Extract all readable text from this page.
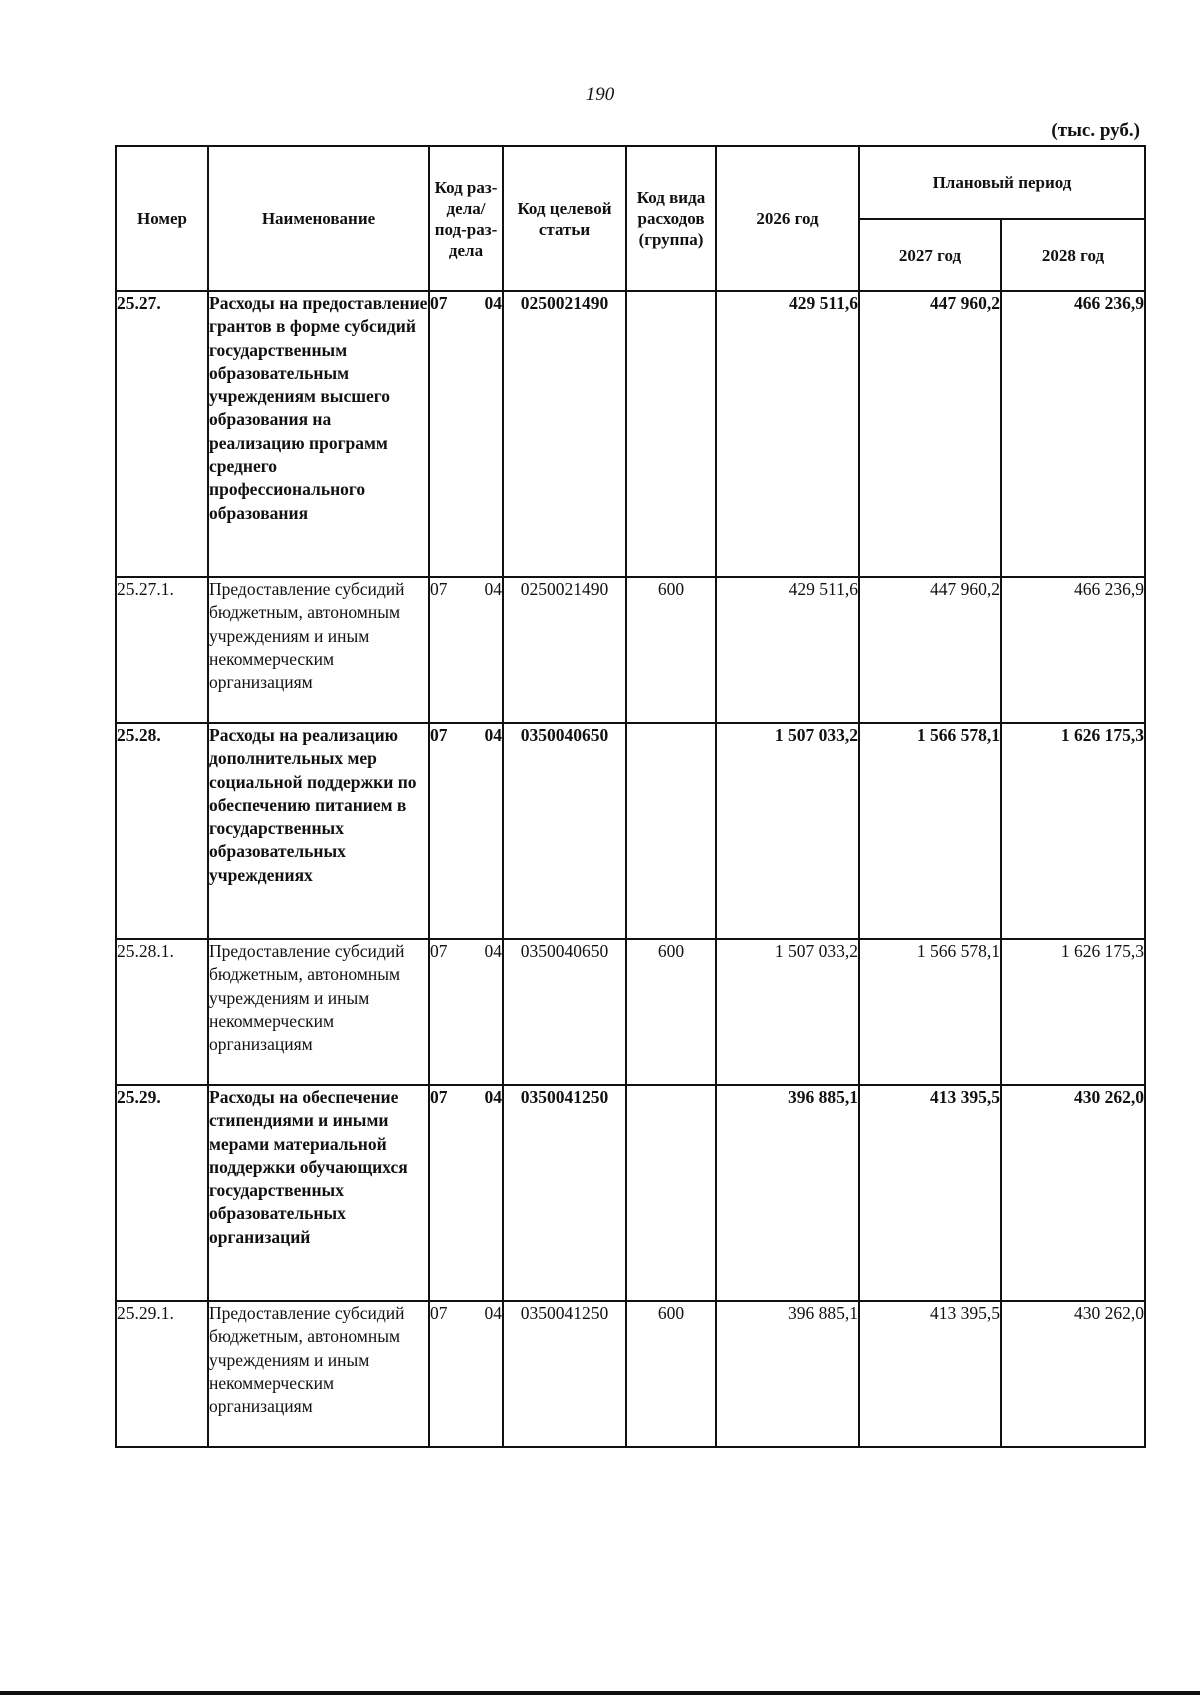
190
(тыс. руб.)
Номер	Наименование	Код раз-дела/ под-раз-дела	Код целевой статьи	Код вида расходов (группа)	2026 год	Плановый период	
						2027 год	2028 год
25.27.	Расходы на предоставление грантов в форме субсидий государственным образовательным учреждениям высшего образования на реализацию программ среднего профессионального образования	07 04	0250021490		429 511,6	447 960,2	466 236,9
25.27.1.	Предоставление субсидий бюджетным, автономным учреждениям и иным некоммерческим организациям	07 04	0250021490	600	429 511,6	447 960,2	466 236,9
25.28.	Расходы на реализацию дополнительных мер социальной поддержки по обеспечению питанием в государственных образовательных учреждениях	07 04	0350040650		1 507 033,2	1 566 578,1	1 626 175,3
25.28.1.	Предоставление субсидий бюджетным, автономным учреждениям и иным некоммерческим организациям	07 04	0350040650	600	1 507 033,2	1 566 578,1	1 626 175,3
25.29.	Расходы на обеспечение стипендиями и иными мерами материальной поддержки обучающихся государственных образовательных организаций	07 04	0350041250		396 885,1	413 395,5	430 262,0
25.29.1.	Предоставление субсидий бюджетным, автономным учреждениям и иным некоммерческим организациям	07 04	0350041250	600	396 885,1	413 395,5	430 262,0
